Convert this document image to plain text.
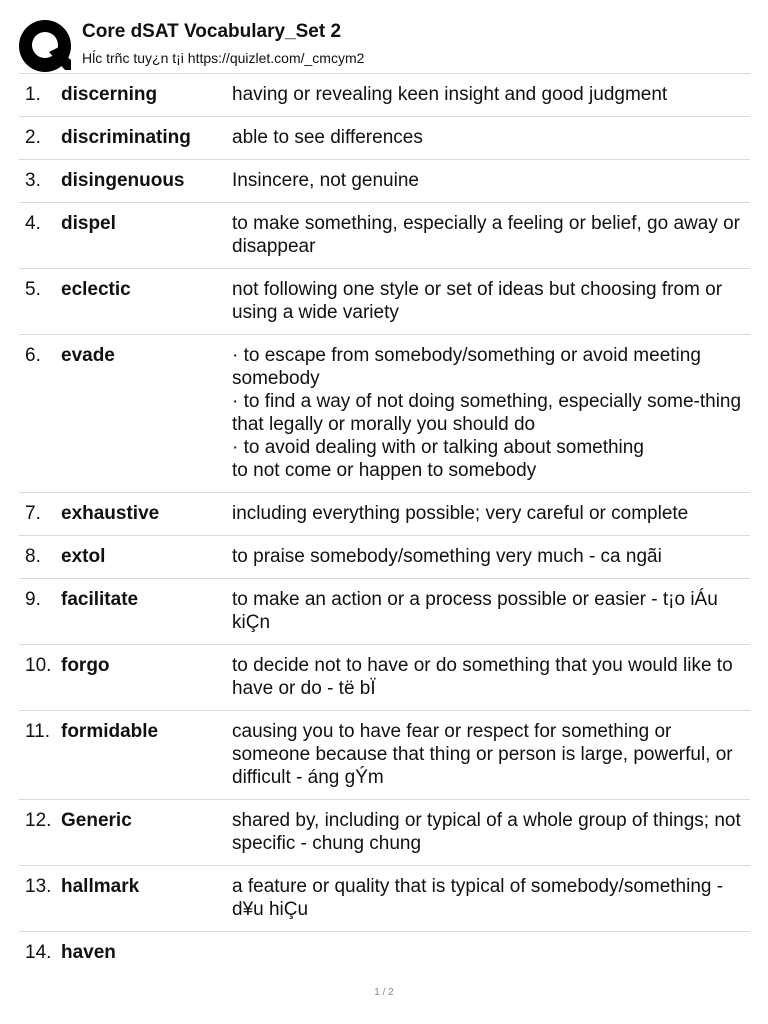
Core dSAT Vocabulary_Set 2
Hĺc trñc tuy¿n t¡i https://quizlet.com/_cmcym2
1.	discerning	having or revealing keen insight and good judgment
2.	discriminating	able to see differences
3.	disingenuous	Insincere, not genuine
4.	dispel	to make something, especially a feeling or belief, go away or disappear
5.	eclectic	not following one style or set of ideas but choosing from or using a wide variety
6.	evade	· to escape from somebody/something or avoid meeting somebody
· to find a way of not doing something, especially some-thing that legally or morally you should do
· to avoid dealing with or talking about something
to not come or happen to somebody
7.	exhaustive	including everything possible; very careful or complete
8.	extol	to praise somebody/something very much - ca ngãi
9.	facilitate	to make an action or a process possible or easier - t¡o iÁu kiÇn
10. forgo	to decide not to have or do something that you would like to have or do - të bÏ
11. formidable	causing you to have fear or respect for something or someone because that thing or person is large, powerful, or difficult - áng gÝm
12. Generic	shared by, including or typical of a whole group of things; not specific - chung chung
13. hallmark	a feature or quality that is typical of somebody/something - d¥u hiÇu
14. haven
1 / 2
